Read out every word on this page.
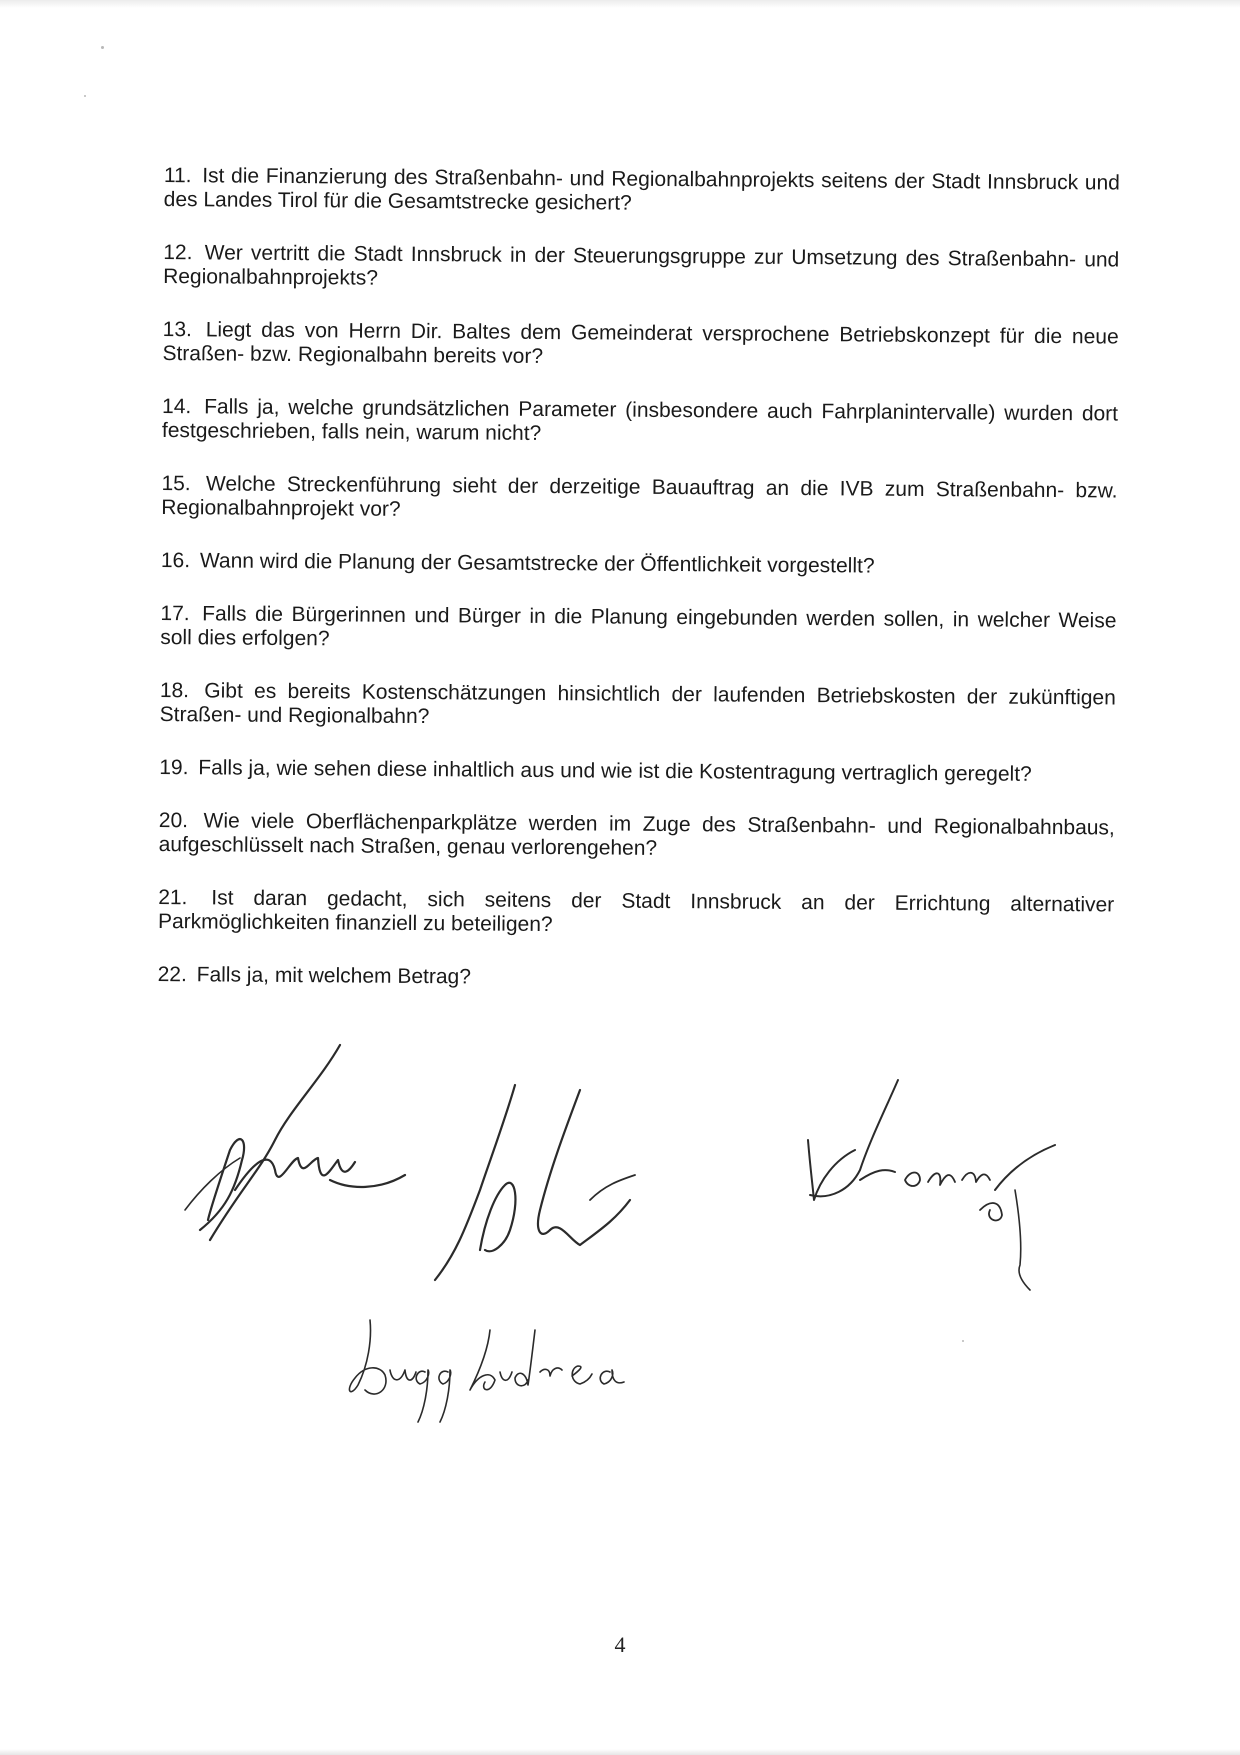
11. Ist die Finanzierung des Straßenbahn- und Regionalbahnprojekts seitens der Stadt Innsbruck und des Landes Tirol für die Gesamtstrecke gesichert?
12. Wer vertritt die Stadt Innsbruck in der Steuerungsgruppe zur Umsetzung des Straßenbahn- und Regionalbahnprojekts?
13. Liegt das von Herrn Dir. Baltes dem Gemeinderat versprochene Betriebskonzept für die neue Straßen- bzw. Regionalbahn bereits vor?
14. Falls ja, welche grundsätzlichen Parameter (insbesondere auch Fahrplanintervalle) wurden dort festgeschrieben, falls nein, warum nicht?
15. Welche Streckenführung sieht der derzeitige Bauauftrag an die IVB zum Straßenbahn- bzw. Regionalbahnprojekt vor?
16. Wann wird die Planung der Gesamtstrecke der Öffentlichkeit vorgestellt?
17. Falls die Bürgerinnen und Bürger in die Planung eingebunden werden sollen, in welcher Weise soll dies erfolgen?
18. Gibt es bereits Kostenschätzungen hinsichtlich der laufenden Betriebskosten der zukünftigen Straßen- und Regionalbahn?
19. Falls ja, wie sehen diese inhaltlich aus und wie ist die Kostentragung vertraglich geregelt?
20. Wie viele Oberflächenparkplätze werden im Zuge des Straßenbahn- und Regionalbahnbaus, aufgeschlüsselt nach Straßen, genau verlorengehen?
21. Ist daran gedacht, sich seitens der Stadt Innsbruck an der Errichtung alternativer Parkmöglichkeiten finanziell zu beteiligen?
22. Falls ja, mit welchem Betrag?
4
